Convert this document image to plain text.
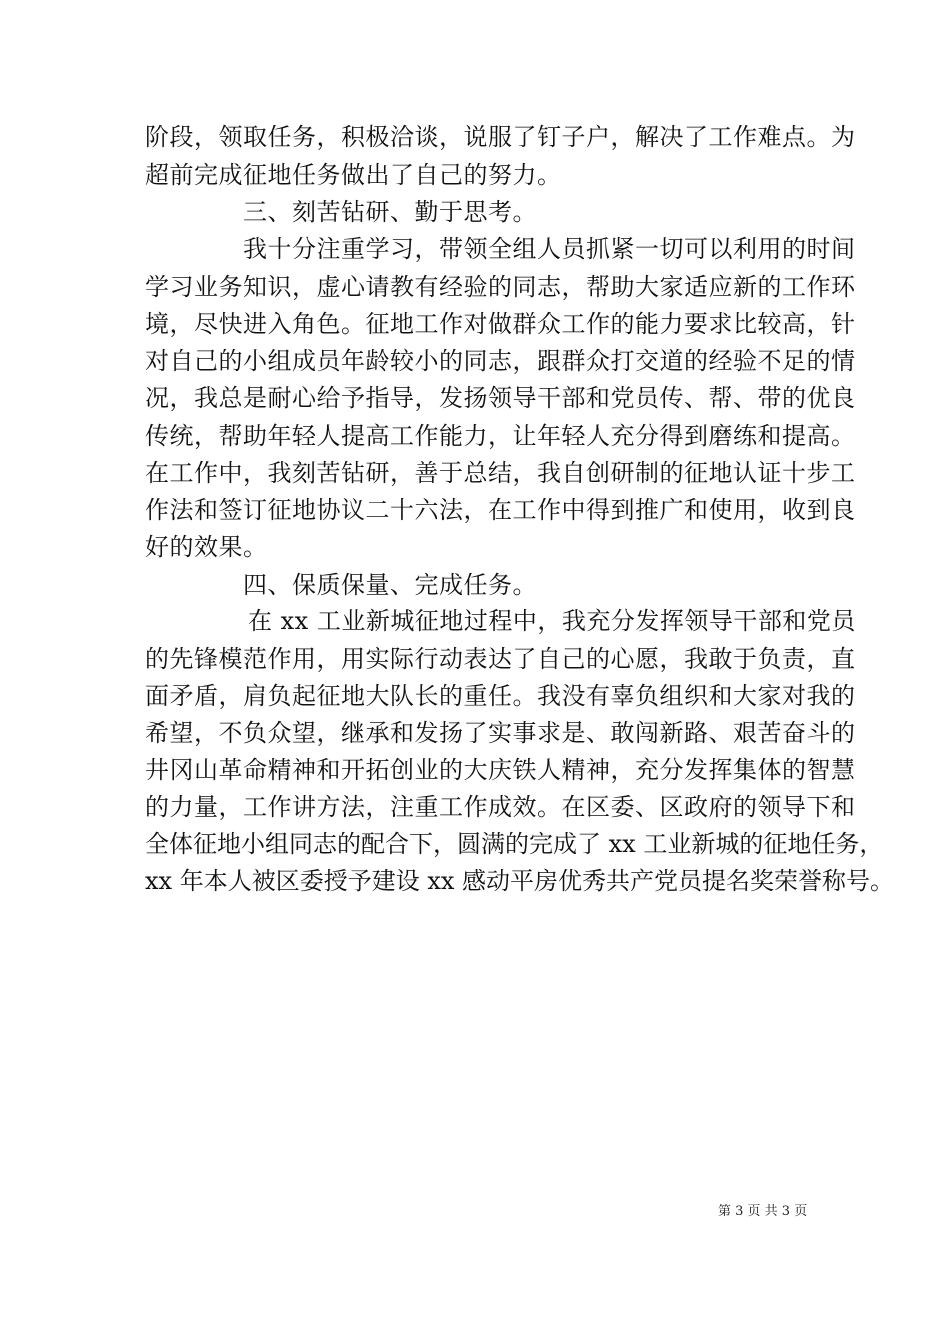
阶段，领取任务，积极洽谈，说服了钉子户，解决了工作难点。为
超前完成征地任务做出了自己的努力。
三、刻苦钻研、勤于思考。
我十分注重学习，带领全组人员抓紧一切可以利用的时间
学习业务知识，虚心请教有经验的同志，帮助大家适应新的工作环
境，尽快进入角色。征地工作对做群众工作的能力要求比较高，针
对自己的小组成员年龄较小的同志，跟群众打交道的经验不足的情
况，我总是耐心给予指导，发扬领导干部和党员传、帮、带的优良
传统，帮助年轻人提高工作能力，让年轻人充分得到磨练和提高。
在工作中，我刻苦钻研，善于总结，我自创研制的征地认证十步工
作法和签订征地协议二十六法，在工作中得到推广和使用，收到良
好的效果。
四、保质保量、完成任务。
在 xx 工业新城征地过程中，我充分发挥领导干部和党员
的先锋模范作用，用实际行动表达了自己的心愿，我敢于负责，直
面矛盾，肩负起征地大队长的重任。我没有辜负组织和大家对我的
希望，不负众望，继承和发扬了实事求是、敢闯新路、艰苦奋斗的
井冈山革命精神和开拓创业的大庆铁人精神，充分发挥集体的智慧
的力量，工作讲方法，注重工作成效。在区委、区政府的领导下和
全体征地小组同志的配合下，圆满的完成了 xx 工业新城的征地任务，
xx 年本人被区委授予建设 xx 感动平房优秀共产党员提名奖荣誉称号。
第 3 页 共 3 页
